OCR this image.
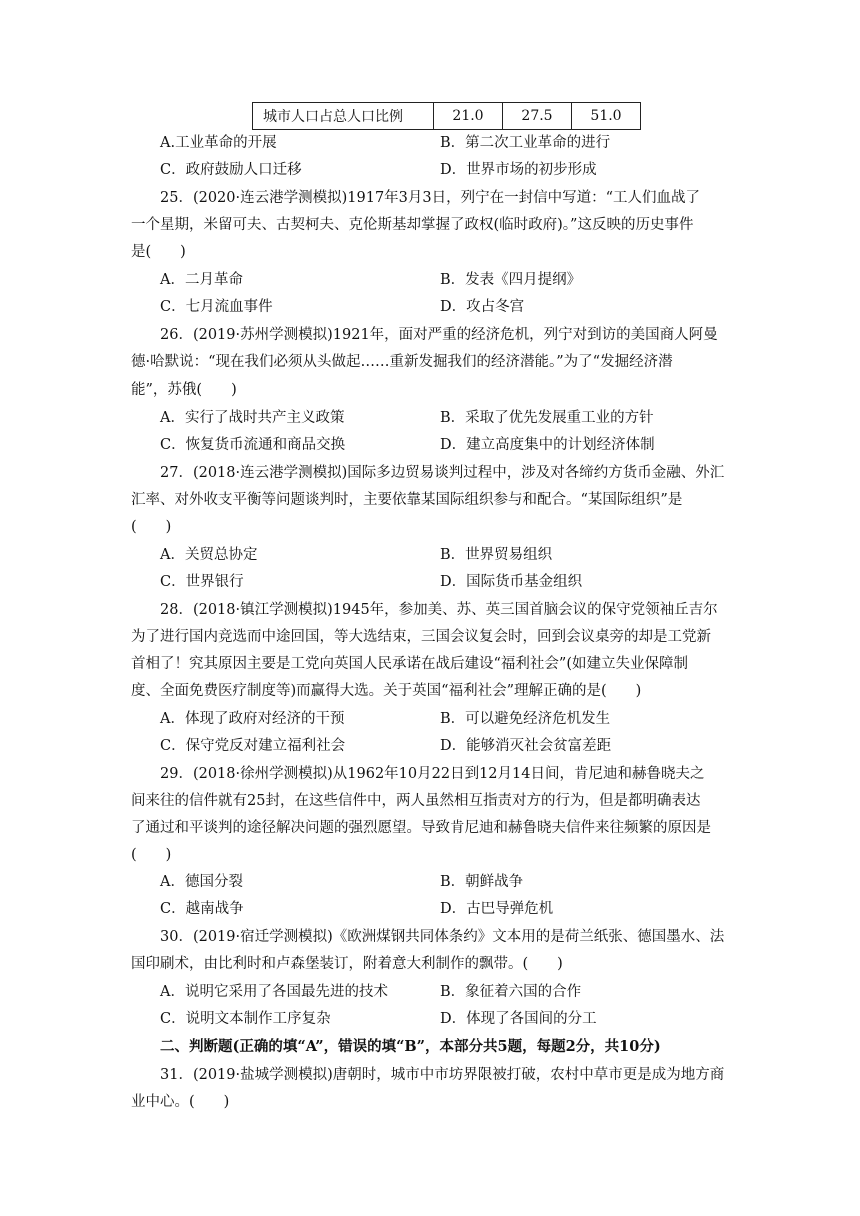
城市人口占总人口比例	21.0	27.5	51.0
A.工业革命的开展	B．第二次工业革命的进行
C．政府鼓励人口迁移	D．世界市场的初步形成
25．(2020·连云港学测模拟)1917年3月3日，列宁在一封信中写道：“工人们血战了
一个星期，米留可夫、古契柯夫、克伦斯基却掌握了政权(临时政府)。”这反映的历史事件
是(　　)
A．二月革命	B．发表《四月提纲》
C．七月流血事件	D．攻占冬宫
26．(2019·苏州学测模拟)1921年，面对严重的经济危机，列宁对到访的美国商人阿曼
德·哈默说：“现在我们必须从头做起……重新发掘我们的经济潜能。”为了“发掘经济潜
能”，苏俄(　　)
A．实行了战时共产主义政策	B．采取了优先发展重工业的方针
C．恢复货币流通和商品交换	D．建立高度集中的计划经济体制
27．(2018·连云港学测模拟)国际多边贸易谈判过程中，涉及对各缔约方货币金融、外汇
汇率、对外收支平衡等问题谈判时，主要依靠某国际组织参与和配合。“某国际组织”是
(　　)
A．关贸总协定	B．世界贸易组织
C．世界银行	D．国际货币基金组织
28．(2018·镇江学测模拟)1945年，参加美、苏、英三国首脑会议的保守党领袖丘吉尔
为了进行国内竞选而中途回国，等大选结束，三国会议复会时，回到会议桌旁的却是工党新
首相了！究其原因主要是工党向英国人民承诺在战后建设“福利社会”(如建立失业保障制
度、全面免费医疗制度等)而赢得大选。关于英国“福利社会”理解正确的是(　　)
A．体现了政府对经济的干预	B．可以避免经济危机发生
C．保守党反对建立福利社会	D．能够消灭社会贫富差距
29．(2018·徐州学测模拟)从1962年10月22日到12月14日间，肯尼迪和赫鲁晓夫之
间来往的信件就有25封，在这些信件中，两人虽然相互指责对方的行为，但是都明确表达
了通过和平谈判的途径解决问题的强烈愿望。导致肯尼迪和赫鲁晓夫信件来往频繁的原因是
(　　)
A．德国分裂	B．朝鲜战争
C．越南战争	D．古巴导弹危机
30．(2019·宿迁学测模拟)《欧洲煤钢共同体条约》文本用的是荷兰纸张、德国墨水、法
国印刷术，由比利时和卢森堡装订，附着意大利制作的飘带。(　　)
A．说明它采用了各国最先进的技术	B．象征着六国的合作
C．说明文本制作工序复杂	D．体现了各国间的分工
二、判断题(正确的填“A”，错误的填“B”，本部分共5题，每题2分，共10分)
31．(2019·盐城学测模拟)唐朝时，城市中市坊界限被打破，农村中草市更是成为地方商
业中心。(　　)
